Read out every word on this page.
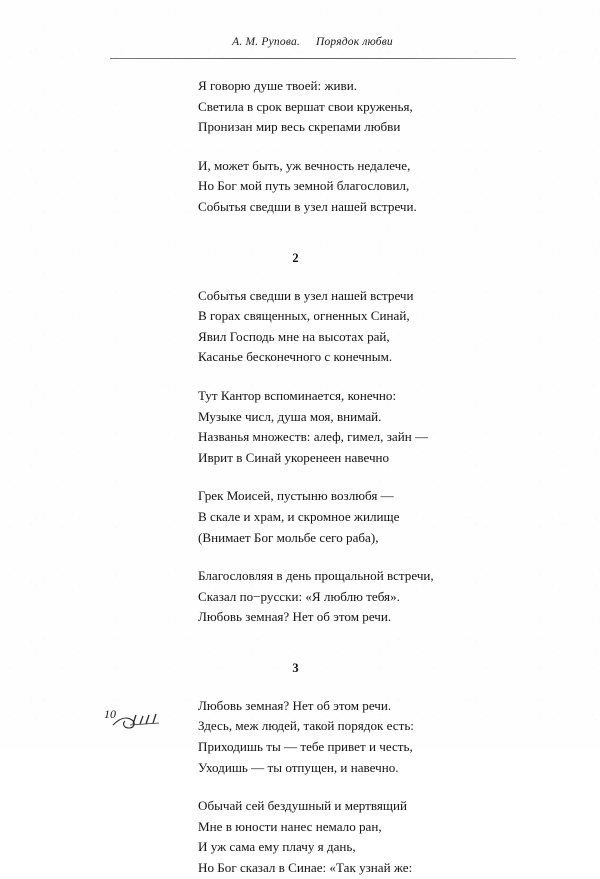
А. М. Рупова. Порядок любви
Я говорю душе твоей: живи.
Светила в срок вершат свои круженья,
Пронизан мир весь скрепами любви
И, может быть, уж вечность недалече,
Но Бог мой путь земной благословил,
Событья сведши в узел нашей встречи.
2
Событья сведши в узел нашей встречи
В горах священных, огненных Синай,
Явил Господь мне на высотах рай,
Касанье бесконечного с конечным.
Тут Кантор вспоминается, конечно:
Музыке числ, душа моя, внимай.
Названья множеств: алеф, гимел, зайн —
Иврит в Синай укоренеен навечно
Грек Моисей, пустыню возлюбя —
В скале и храм, и скромное жилище
(Внимает Бог мольбе сего раба),
Благословляя в день прощальной встречи,
Сказал по−русски: «Я люблю тебя».
Любовь земная? Нет об этом речи.
3
Любовь земная? Нет об этом речи.
Здесь, меж людей, такой порядок есть:
Приходишь ты — тебе привет и честь,
Уходишь — ты отпущен, и навечно.
Обычай сей бездушный и мертвящий
Мне в юности нанес немало ран,
И уж сама ему плачу я дань,
Но Бог сказал в Синае: «Так узнай же:
10
